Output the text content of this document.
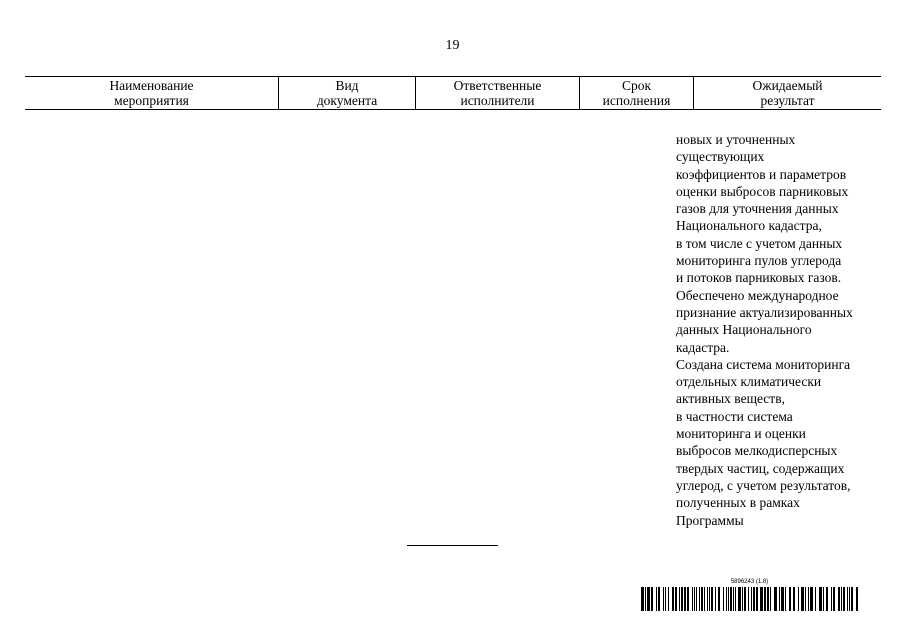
19
Наименование
мероприятия
Вид
документа
Ответственные
исполнители
Срок
исполнения
Ожидаемый
результат
новых и уточненных
существующих
коэффициентов и параметров
оценки выбросов парниковых
газов для уточнения данных
Национального кадастра,
в том числе с учетом данных
мониторинга пулов углерода
и потоков парниковых газов.
Обеспечено международное
признание актуализированных
данных Национального
кадастра.
Создана система мониторинга
отдельных климатически
активных веществ,
в частности система
мониторинга и оценки
выбросов мелкодисперсных
твердых частиц, содержащих
углерод, с учетом результатов,
полученных в рамках
Программы
5896243 (1.8)
